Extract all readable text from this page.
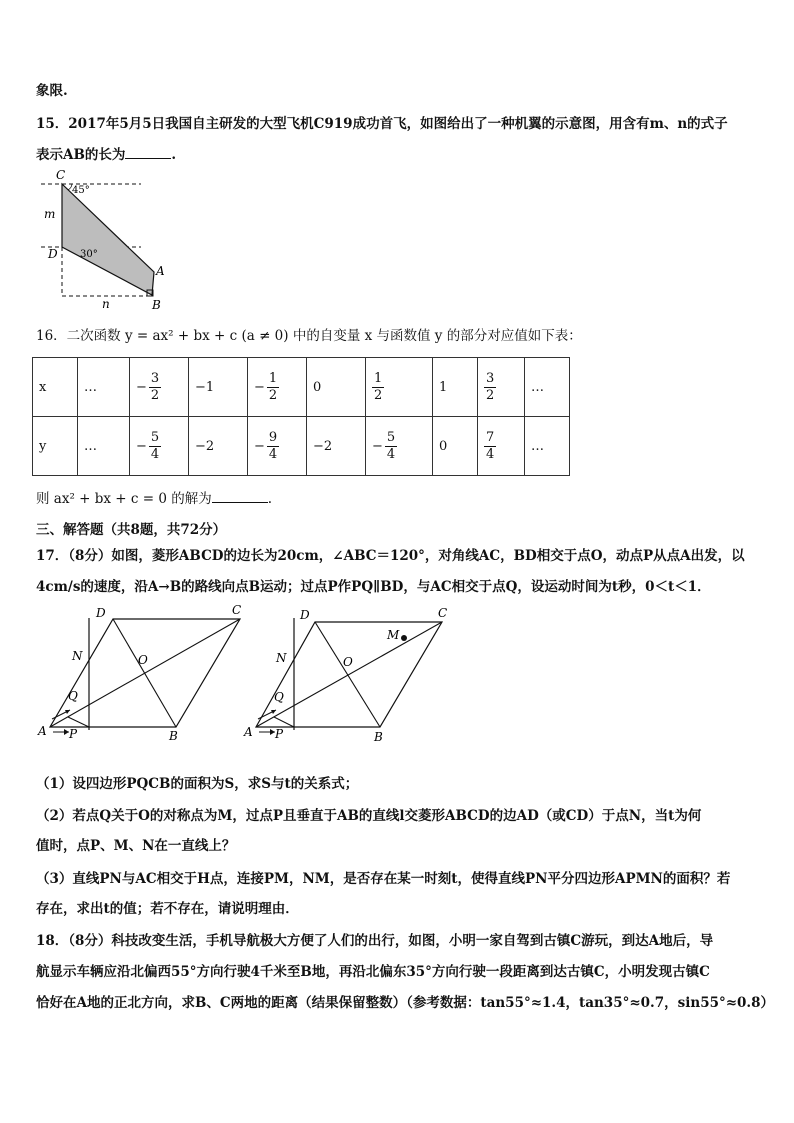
象限.
15．2017年5月5日我国自主研发的大型飞机C919成功首飞，如图给出了一种机翼的示意图，用含有m、n的式子
表示AB的长为	.
C
45°
m
D 30°
A
n	B
16．二次函数 y = ax² + bx + c (a ≠ 0) 中的自变量 x 与函数值 y 的部分对应值如下表：
x	…	− $\frac{3}{2}$	−1	− $\frac{1}{2}$	0	$\frac{1}{2}$	1	$\frac{3}{2}$	…
y	…	− $\frac{5}{4}$	−2	− $\frac{9}{4}$	−2	− $\frac{5}{4}$	0	$\frac{7}{4}$	…
则 ax² + bx + c = 0 的解为	.
三、解答题（共8题，共72分）
17．（8分）如图，菱形ABCD的边长为20cm，∠ABC＝120°，对角线AC，BD相交于点O，动点P从点A出发，以
4cm/s的速度，沿A→B的路线向点B运动；过点P作PQ∥BD，与AC相交于点Q，设运动时间为t秒，0＜t＜1．
A P	B
C
D
N	O
Q
A P	B
C
D
N	O
Q
M
（1）设四边形PQCB的面积为S，求S与t的关系式；
（2）若点Q关于O的对称点为M，过点P且垂直于AB的直线l交菱形ABCD的边AD（或CD）于点N，当t为何
值时，点P、M、N在一直线上？
（3）直线PN与AC相交于H点，连接PM，NM，是否存在某一时刻t，使得直线PN平分四边形APMN的面积？若
存在，求出t的值；若不存在，请说明理由．
18．（8分）科技改变生活，手机导航极大方便了人们的出行，如图，小明一家自驾到古镇C游玩，到达A地后，导
航显示车辆应沿北偏西55°方向行驶4千米至B地，再沿北偏东35°方向行驶一段距离到达古镇C，小明发现古镇C
恰好在A地的正北方向，求B、C两地的距离（结果保留整数）（参考数据：tan55°≈1.4，tan35°≈0.7，sin55°≈0.8）
